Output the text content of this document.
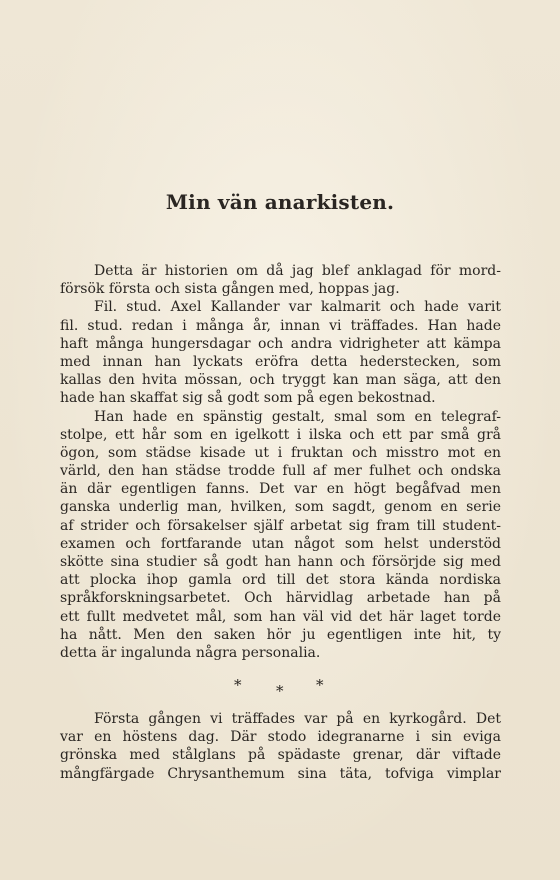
Min vän anarkisten.
Detta är historien om då jag blef anklagad för mord-
försök första och sista gången med, hoppas jag.
Fil. stud. Axel Kallander var kalmarit och hade varit
fil. stud. redan i många år, innan vi träffades. Han hade
haft många hungersdagar och andra vidrigheter att kämpa
med innan han lyckats eröfra detta hederstecken, som
kallas den hvita mössan, och tryggt kan man säga, att den
hade han skaffat sig så godt som på egen bekostnad.
Han hade en spänstig gestalt, smal som en telegraf-
stolpe, ett hår som en igelkott i ilska och ett par små grå
ögon, som städse kisade ut i fruktan och misstro mot en
värld, den han städse trodde full af mer fulhet och ondska
än där egentligen fanns. Det var en högt begåfvad men
ganska underlig man, hvilken, som sagdt, genom en serie
af strider och försakelser själf arbetat sig fram till student-
examen och fortfarande utan något som helst understöd
skötte sina studier så godt han hann och försörjde sig med
att plocka ihop gamla ord till det stora kända nordiska
språkforskningsarbetet. Och härvidlag arbetade han på
ett fullt medvetet mål, som han väl vid det här laget torde
ha nått. Men den saken hör ju egentligen inte hit, ty
detta är ingalunda några personalia.
* * *
Första gången vi träffades var på en kyrkogård. Det
var en höstens dag. Där stodo idegranarne i sin eviga
grönska med stålglans på spädaste grenar, där viftade
mångfärgade Chrysanthemum sina täta, tofviga vimplar
